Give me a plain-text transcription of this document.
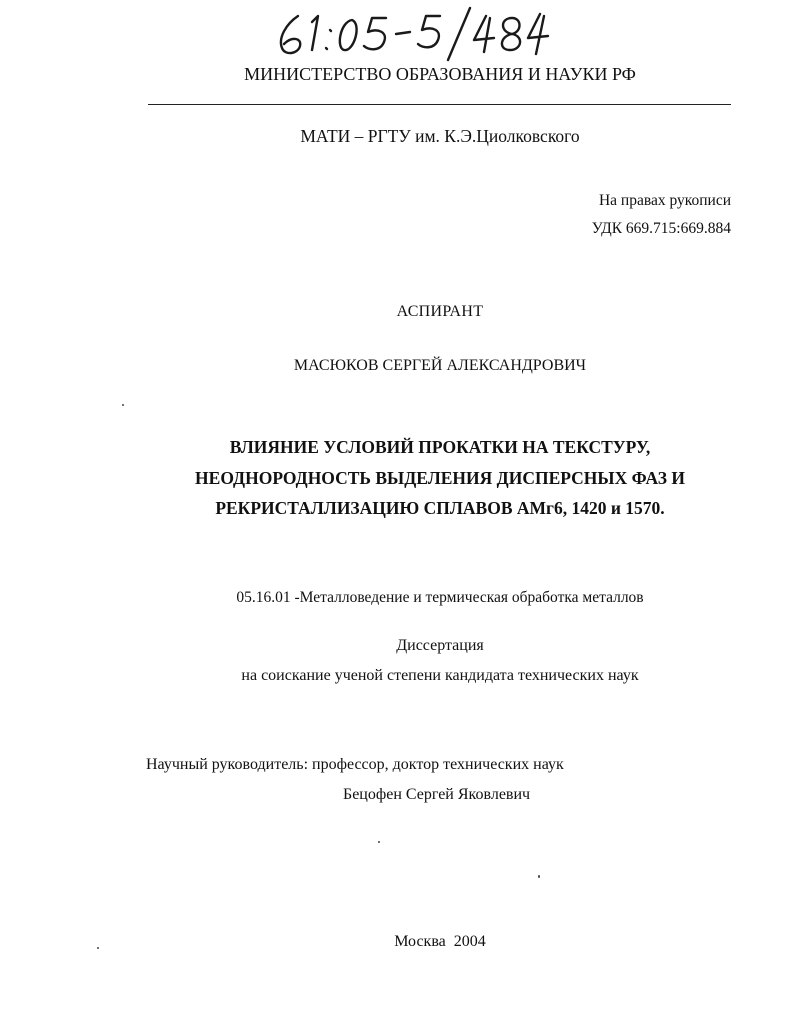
МИНИСТЕРСТВО ОБРАЗОВАНИЯ И НАУКИ РФ
МАТИ – РГТУ им. К.Э.Циолковского
На правах рукописи
УДК 669.715:669.884
АСПИРАНТ
МАСЮКОВ СЕРГЕЙ АЛЕКСАНДРОВИЧ
ВЛИЯНИЕ УСЛОВИЙ ПРОКАТКИ НА ТЕКСТУРУ,
НЕОДНОРОДНОСТЬ ВЫДЕЛЕНИЯ ДИСПЕРСНЫХ ФАЗ И
РЕКРИСТАЛЛИЗАЦИЮ СПЛАВОВ АМг6, 1420 и 1570.
05.16.01 -Металловедение и термическая обработка металлов
Диссертация
на соискание ученой степени кандидата технических наук
Научный руководитель: профессор, доктор технических наук
Бецофен Сергей Яковлевич
Москва  2004
